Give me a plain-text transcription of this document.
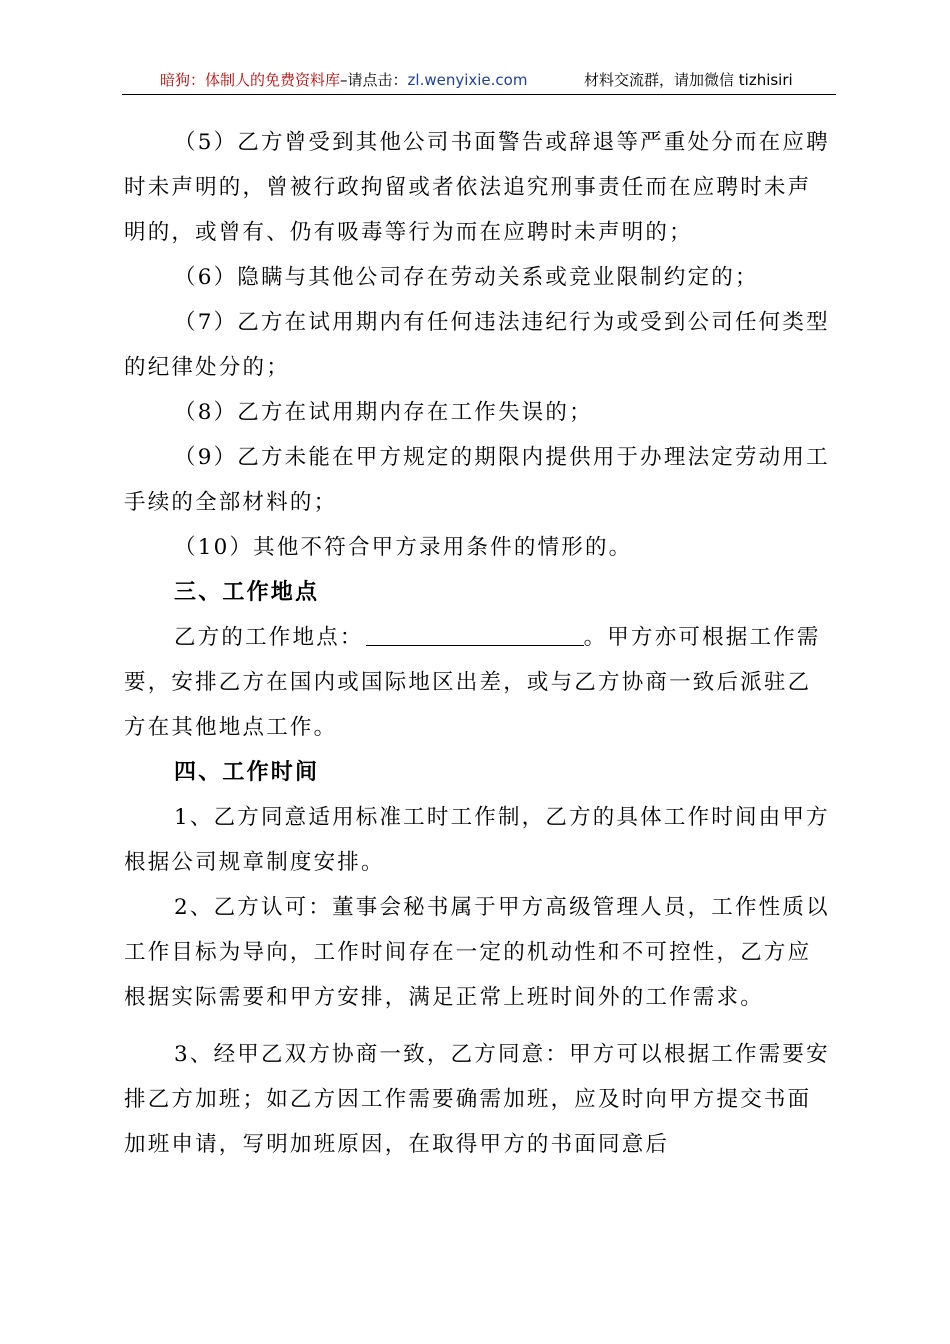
暗狗：体制人的免费资料库–请点击：zl.wenyixie.com	材料交流群，请加微信 tizhisiri

（5）乙方曾受到其他公司书面警告或辞退等严重处分而在应聘时未声明的，曾被行政拘留或者依法追究刑事责任而在应聘时未声明的，或曾有、仍有吸毒等行为而在应聘时未声明的；

（6）隐瞒与其他公司存在劳动关系或竞业限制约定的；

（7）乙方在试用期内有任何违法违纪行为或受到公司任何类型的纪律处分的；

（8）乙方在试用期内存在工作失误的；

（9）乙方未能在甲方规定的期限内提供用于办理法定劳动用工手续的全部材料的；

（10）其他不符合甲方录用条件的情形的。

三、工作地点

乙方的工作地点：	。甲方亦可根据工作需要，安排乙方在国内或国际地区出差，或与乙方协商一致后派驻乙方在其他地点工作。

四、工作时间

1、乙方同意适用标准工时工作制，乙方的具体工作时间由甲方根据公司规章制度安排。

2、乙方认可：董事会秘书属于甲方高级管理人员，工作性质以工作目标为导向，工作时间存在一定的机动性和不可控性，乙方应根据实际需要和甲方安排，满足正常上班时间外的工作需求。

3、经甲乙双方协商一致，乙方同意：甲方可以根据工作需要安排乙方加班；如乙方因工作需要确需加班，应及时向甲方提交书面加班申请，写明加班原因，在取得甲方的书面同意后
